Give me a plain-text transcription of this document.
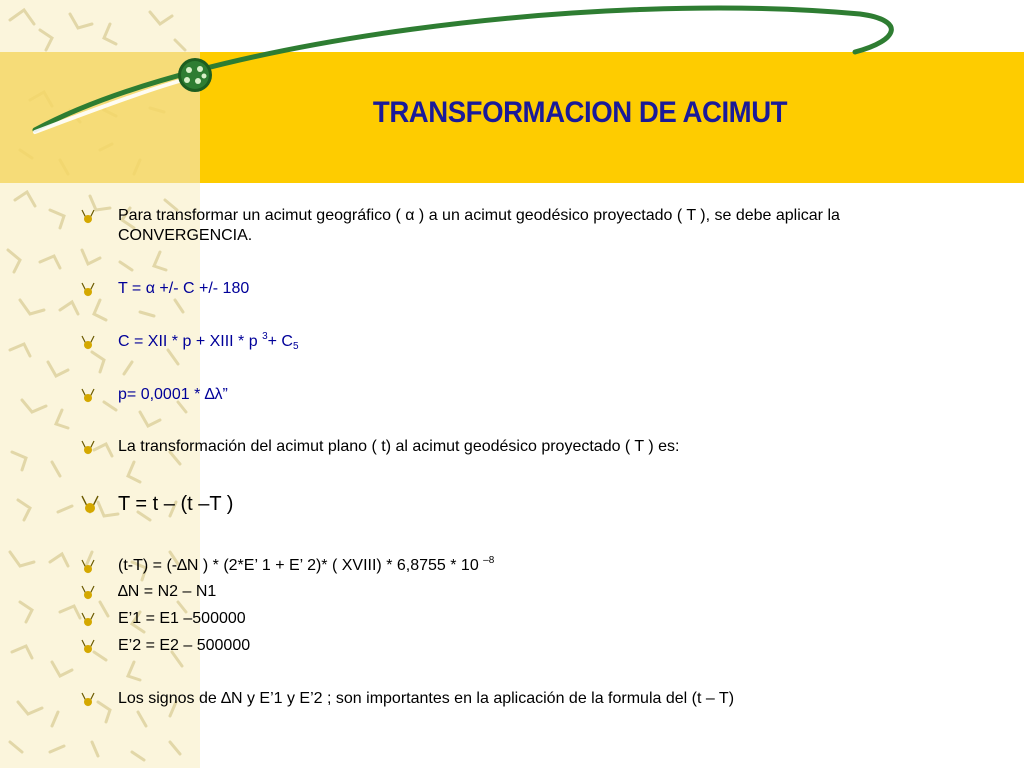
TRANSFORMACION DE ACIMUT
Para transformar un acimut geográfico ( α ) a un acimut geodésico proyectado ( T ), se debe aplicar la
CONVERGENCIA.
T = α +/- C +/- 180
C = XII * p + XIII * p $^3+ C_5$
p= 0,0001 * ∆λ”
La transformación del acimut plano ( t) al acimut geodésico proyectado ( T ) es:
T = t – (t –T )
(t-T) = (-∆N ) * (2*E’ 1 + E’ 2)* ( XVIII) * 6,8755 * 10 $^{-8}$
∆N = N2 – N1
E’1 = E1 –500000
E’2 = E2 – 500000
Los signos de ∆N y E’1 y E’2 ; son importantes en la aplicación de la formula del (t – T)
